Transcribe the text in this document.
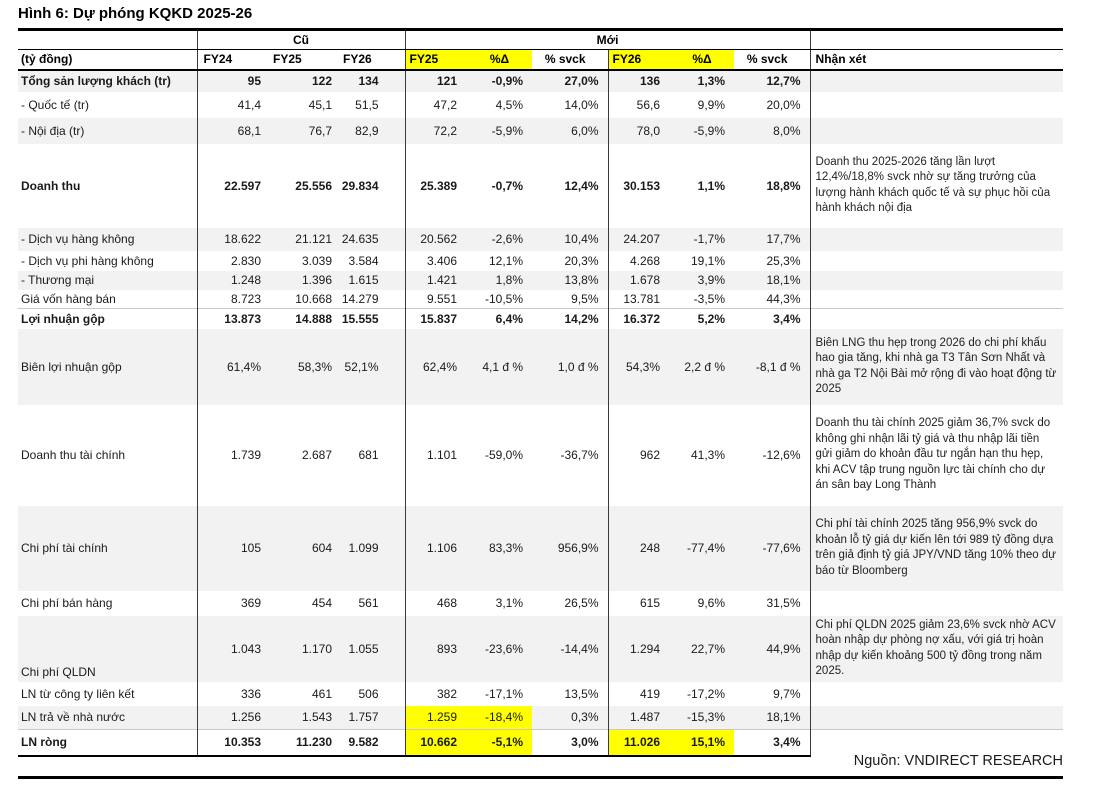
Hình 6: Dự phóng KQKD 2025-26
	Cũ			Mới						
(tỷ đồng)	FY24	FY25	FY26	FY25	%Δ	% svck	FY26	%Δ	% svck	Nhận xét
Tổng sản lượng khách (tr)	95	122	134	121	-0,9%	27,0%	136	1,3%	12,7%	
- Quốc tế (tr)	41,4	45,1	51,5	47,2	4,5%	14,0%	56,6	9,9%	20,0%	
- Nội địa (tr)	68,1	76,7	82,9	72,2	-5,9%	6,0%	78,0	-5,9%	8,0%	
Doanh thu	22.597	25.556	29.834	25.389	-0,7%	12,4%	30.153	1,1%	18,8%	Doanh thu 2025-2026 tăng lần lượt 12,4%/18,8% svck nhờ sự tăng trưởng của lượng hành khách quốc tế và sự phục hồi của hành khách nội địa
- Dịch vụ hàng không	18.622	21.121	24.635	20.562	-2,6%	10,4%	24.207	-1,7%	17,7%	
- Dịch vụ phi hàng không	2.830	3.039	3.584	3.406	12,1%	20,3%	4.268	19,1%	25,3%	
- Thương mại	1.248	1.396	1.615	1.421	1,8%	13,8%	1.678	3,9%	18,1%	
Giá vốn hàng bán	8.723	10.668	14.279	9.551	-10,5%	9,5%	13.781	-3,5%	44,3%	
Lợi nhuận gộp	13.873	14.888	15.555	15.837	6,4%	14,2%	16.372	5,2%	3,4%	
Biên lợi nhuận gộp	61,4%	58,3%	52,1%	62,4%	4,1 đ %	1,0 đ %	54,3%	2,2 đ %	-8,1 đ %	Biên LNG thu hẹp trong 2026 do chi phí khấu hao gia tăng, khi nhà ga T3 Tân Sơn Nhất và nhà ga T2 Nội Bài mở rộng đi vào hoạt động từ 2025
Doanh thu tài chính	1.739	2.687	681	1.101	-59,0%	-36,7%	962	41,3%	-12,6%	Doanh thu tài chính 2025 giảm 36,7% svck do không ghi nhận lãi tỷ giá và thu nhập lãi tiền gửi giảm do khoản đầu tư ngắn hạn thu hẹp, khi ACV tập trung nguồn lực tài chính cho dự án sân bay Long Thành
Chi phí tài chính	105	604	1.099	1.106	83,3%	956,9%	248	-77,4%	-77,6%	Chi phí tài chính 2025 tăng 956,9% svck do khoản lỗ tỷ giá dự kiến lên tới 989 tỷ đồng dựa trên giả định tỷ giá JPY/VND tăng 10% theo dự báo từ Bloomberg
Chi phí bán hàng	369	454	561	468	3,1%	26,5%	615	9,6%	31,5%	
Chi phí QLDN	1.043	1.170	1.055	893	-23,6%	-14,4%	1.294	22,7%	44,9%	Chi phí QLDN 2025 giảm 23,6% svck nhờ ACV hoàn nhập dự phòng nợ xấu, với giá trị hoàn nhập dự kiến khoảng 500 tỷ đồng trong năm 2025.
LN từ công ty liên kết	336	461	506	382	-17,1%	13,5%	419	-17,2%	9,7%	
LN trả về nhà nước	1.256	1.543	1.757	1.259	-18,4%	0,3%	1.487	-15,3%	18,1%	
LN ròng	10.353	11.230	9.582	10.662	-5,1%	3,0%	11.026	15,1%	3,4%	
Nguồn: VNDIRECT RESEARCH
